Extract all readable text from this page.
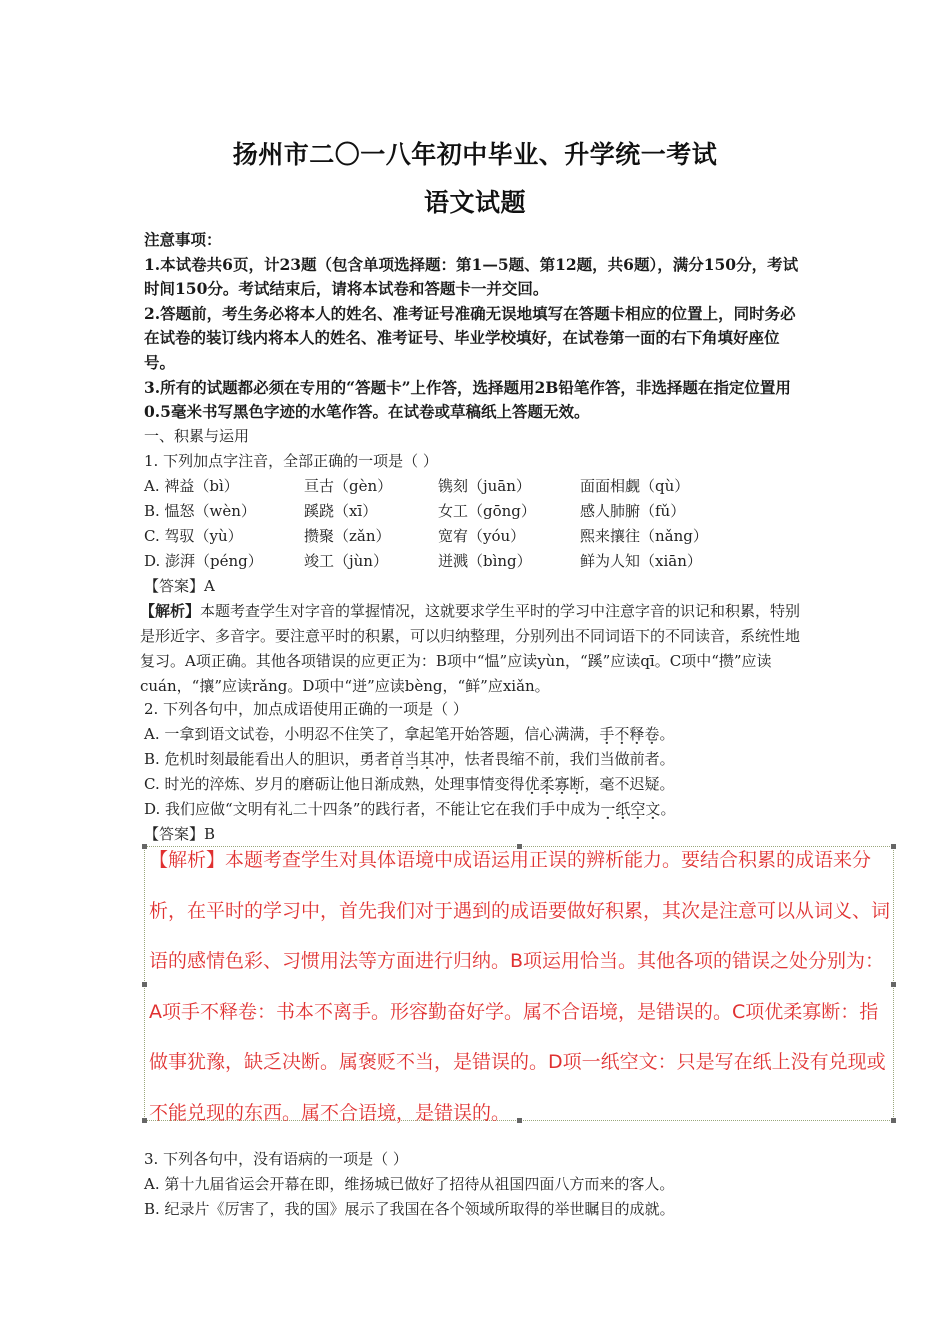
扬州市二〇一八年初中毕业、升学统一考试
语文试题

注意事项：

1.本试卷共6页，计23题（包含单项选择题：第1—5题、第12题，共6题），满分150分，考试时间150分。考试结束后，请将本试卷和答题卡一并交回。

2.答题前，考生务必将本人的姓名、准考证号准确无误地填写在答题卡相应的位置上，同时务必在试卷的装订线内将本人的姓名、准考证号、毕业学校填好，在试卷第一面的右下角填好座位号。

3.所有的试题都必须在专用的“答题卡”上作答，选择题用2B铅笔作答，非选择题在指定位置用0.5毫米书写黑色字迹的水笔作答。在试卷或草稿纸上答题无效。

一、积累与运用

1. 下列加点字注音，全部正确的一项是（ ）

A. 裨益（bì）	亘古（gèn）	镌刻（juān）	面面相觑（qù）
B. 愠怒（wèn）	蹊跷（xī）	女工（gōng）	感人肺腑（fǔ）
C. 驾驭（yù）	攒聚（zǎn）	宽宥（yóu）	熙来攘往（nǎng）
D. 澎湃（péng）	竣工（jùn）	迸溅（bìng）	鲜为人知（xiān）

【答案】A

【解析】本题考查学生对字音的掌握情况，这就要求学生平时的学习中注意字音的识记和积累，特别是形近字、多音字。要注意平时的积累，可以归纳整理，分别列出不同词语下的不同读音，系统性地复习。A项正确。其他各项错误的应更正为：B项中“愠”应读yùn，“蹊”应读qī。C项中“攒”应读cuán，“攘”应读rǎng。D项中“迸”应读bèng，“鲜”应xiǎn。

2. 下列各句中，加点成语使用正确的一项是（ ）

A. 一拿到语文试卷，小明忍不住笑了，拿起笔开始答题，信心满满，手不释卷。

B. 危机时刻最能看出人的胆识，勇者首当其冲，怯者畏缩不前，我们当做前者。

C. 时光的淬炼、岁月的磨砺让他日渐成熟，处理事情变得优柔寡断，毫不迟疑。

D. 我们应做“文明有礼二十四条”的践行者，不能让它在我们手中成为一纸空文。

【答案】B

【解析】本题考查学生对具体语境中成语运用正误的辨析能力。要结合积累的成语来分析，在平时的学习中，首先我们对于遇到的成语要做好积累，其次是注意可以从词义、词语的感情色彩、习惯用法等方面进行归纳。B项运用恰当。其他各项的错误之处分别为：A项手不释卷：书本不离手。形容勤奋好学。属不合语境，是错误的。C项优柔寡断：指做事犹豫，缺乏决断。属褒贬不当，是错误的。D项一纸空文：只是写在纸上没有兑现或不能兑现的东西。属不合语境，是错误的。

3. 下列各句中，没有语病的一项是（ ）

A. 第十九届省运会开幕在即，维扬城已做好了招待从祖国四面八方而来的客人。

B. 纪录片《厉害了，我的国》展示了我国在各个领域所取得的举世瞩目的成就。
